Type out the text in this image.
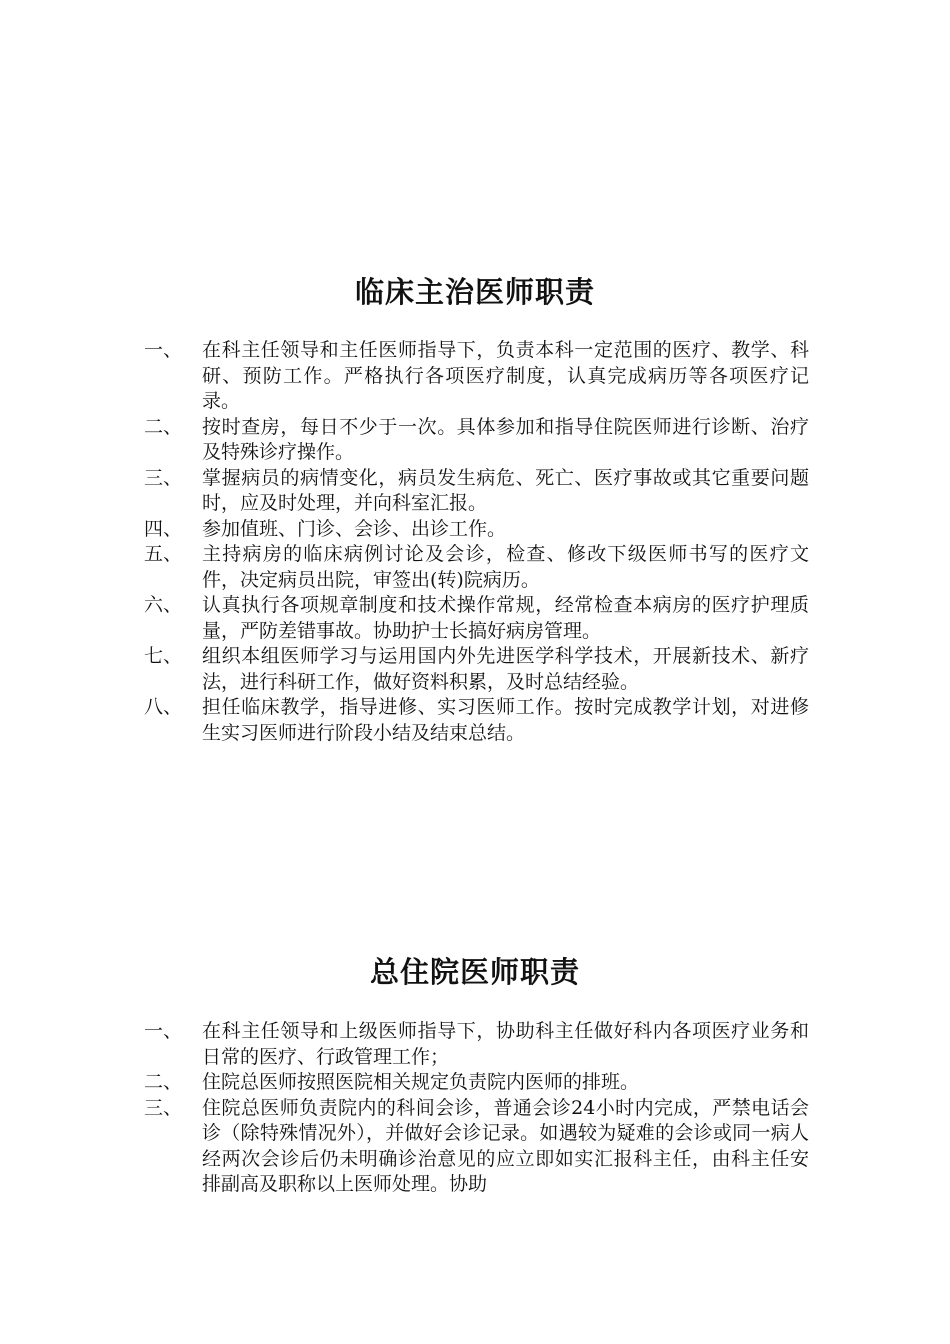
临床主治医师职责
一、	在科主任领导和主任医师指导下，负责本科一定范围的医疗、教学、科研、预防工作。严格执行各项医疗制度，认真完成病历等各项医疗记录。
二、	按时查房，每日不少于一次。具体参加和指导住院医师进行诊断、治疗及特殊诊疗操作。
三、	掌握病员的病情变化，病员发生病危、死亡、医疗事故或其它重要问题时，应及时处理，并向科室汇报。
四、	参加值班、门诊、会诊、出诊工作。
五、	主持病房的临床病例讨论及会诊，检查、修改下级医师书写的医疗文件，决定病员出院，审签出(转)院病历。
六、	认真执行各项规章制度和技术操作常规，经常检查本病房的医疗护理质量，严防差错事故。协助护士长搞好病房管理。
七、	组织本组医师学习与运用国内外先进医学科学技术，开展新技术、新疗法，进行科研工作，做好资料积累，及时总结经验。
八、	担任临床教学，指导进修、实习医师工作。按时完成教学计划，对进修生实习医师进行阶段小结及结束总结。
总住院医师职责
一、	在科主任领导和上级医师指导下，协助科主任做好科内各项医疗业务和日常的医疗、行政管理工作；
二、	住院总医师按照医院相关规定负责院内医师的排班。
三、	住院总医师负责院内的科间会诊，普通会诊24小时内完成，严禁电话会诊（除特殊情况外），并做好会诊记录。如遇较为疑难的会诊或同一病人经两次会诊后仍未明确诊治意见的应立即如实汇报科主任，由科主任安排副高及职称以上医师处理。协助
